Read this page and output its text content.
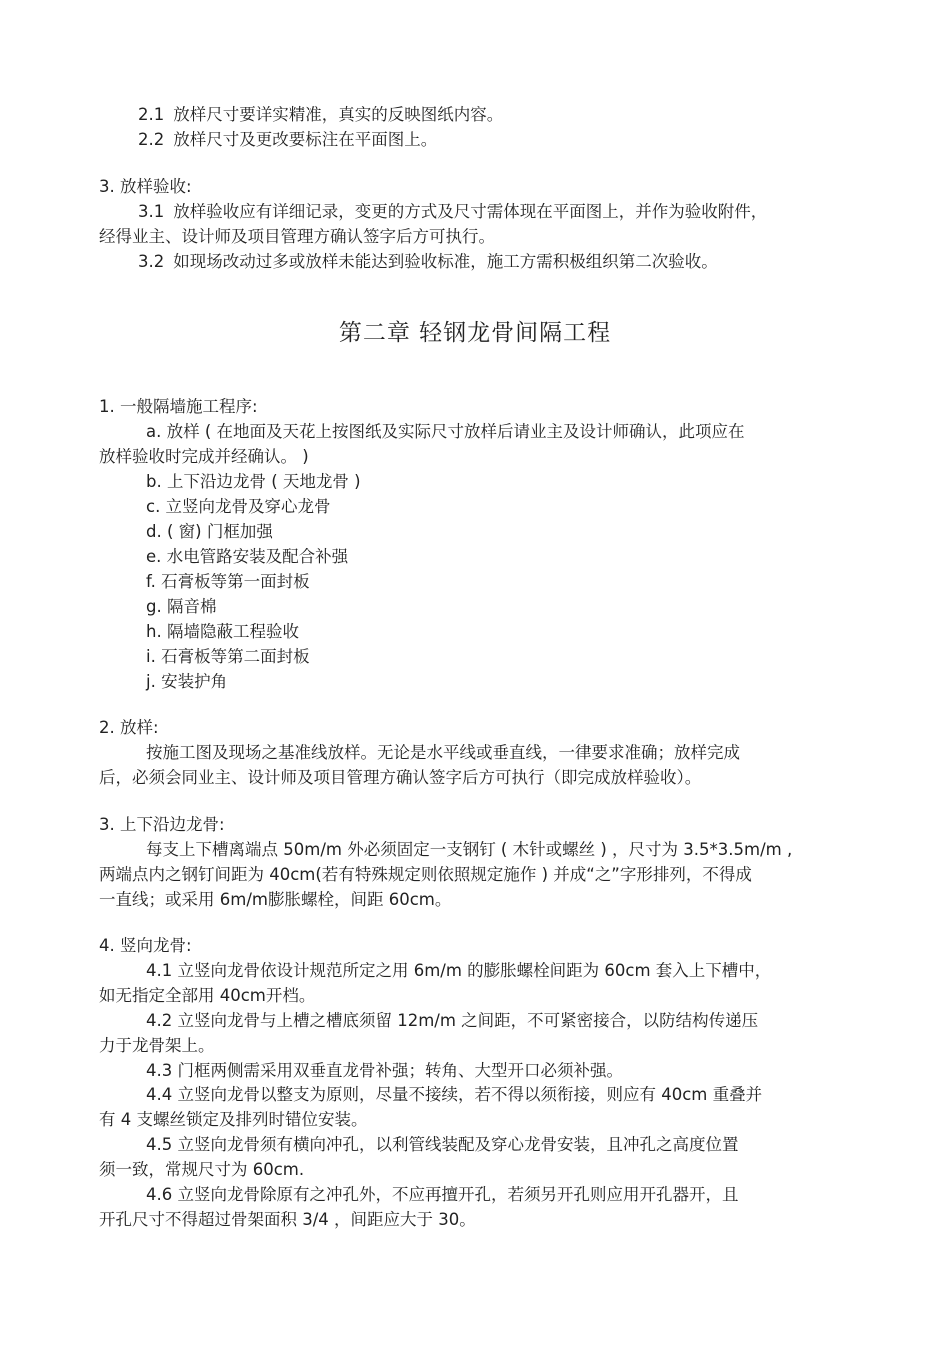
2.1 放样尺寸要详实精准，真实的反映图纸内容。
2.2 放样尺寸及更改要标注在平面图上。
3. 放样验收:
3.1 放样验收应有详细记录，变更的方式及尺寸需体现在平面图上，并作为验收附件，
经得业主、设计师及项目管理方确认签字后方可执行。
3.2 如现场改动过多或放样未能达到验收标准，施工方需积极组织第二次验收。
第二章 轻钢龙骨间隔工程
1. 一般隔墙施工程序:
a. 放样 ( 在地面及天花上按图纸及实际尺寸放样后请业主及设计师确认，此项应在
放样验收时完成并经确认。 )
b. 上下沿边龙骨 ( 天地龙骨 )
c. 立竖向龙骨及穿心龙骨
d. ( 窗) 门框加强
e. 水电管路安装及配合补强
f. 石膏板等第一面封板
g. 隔音棉
h. 隔墙隐蔽工程验收
i. 石膏板等第二面封板
j. 安装护角
2. 放样:
按施工图及现场之基准线放样。无论是水平线或垂直线，一律要求准确；放样完成
后，必须会同业主、设计师及项目管理方确认签字后方可执行（即完成放样验收）。
3. 上下沿边龙骨:
每支上下槽离端点 50m/m 外必须固定一支钢钉 ( 木针或螺丝 ) ，尺寸为 3.5*3.5m/m ,
两端点内之钢钉间距为 40cm(若有特殊规定则依照规定施作 ) 并成“之”字形排列，不得成
一直线；或采用 6m/m膨胀螺栓，间距 60cm。
4. 竖向龙骨:
4.1 立竖向龙骨依设计规范所定之用 6m/m 的膨胀螺栓间距为 60cm 套入上下槽中，
如无指定全部用 40cm开档。
4.2 立竖向龙骨与上槽之槽底须留 12m/m 之间距，不可紧密接合，以防结构传递压
力于龙骨架上。
4.3 门框两侧需采用双垂直龙骨补强；转角、大型开口必须补强。
4.4 立竖向龙骨以整支为原则，尽量不接续，若不得以须衔接，则应有 40cm 重叠并
有 4 支螺丝锁定及排列时错位安装。
4.5 立竖向龙骨须有横向冲孔，以利管线装配及穿心龙骨安装，且冲孔之高度位置
须一致，常规尺寸为 60cm.
4.6 立竖向龙骨除原有之冲孔外，不应再擅开孔，若须另开孔则应用开孔器开，且
开孔尺寸不得超过骨架面积 3/4 ，间距应大于 30。
